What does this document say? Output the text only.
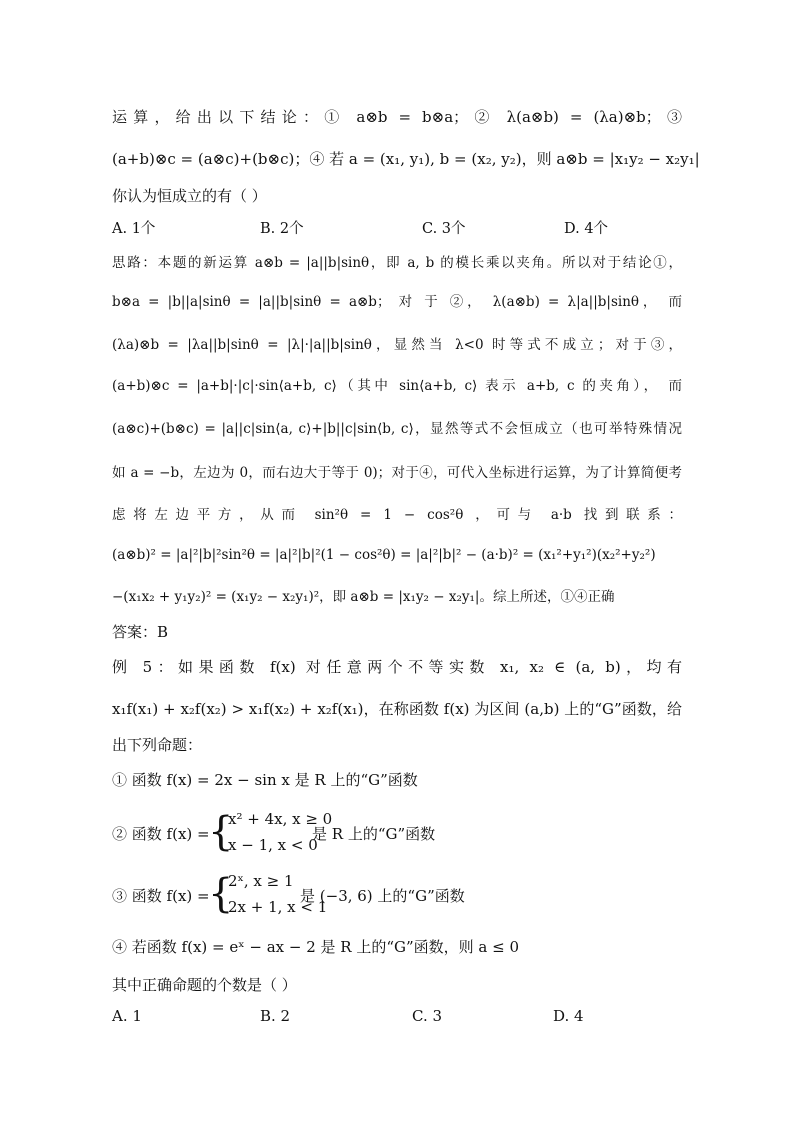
运算，给出以下结论：① a⊗b = b⊗a；② λ(a⊗b) = (λa)⊗b；③
(a+b)⊗c = (a⊗c)+(b⊗c)；④ 若 a = (x₁, y₁), b = (x₂, y₂)，则 a⊗b = |x₁y₂ − x₂y₁|
你认为恒成立的有（ ）
A. 1个	B. 2个	C. 3个	D. 4个
思路：本题的新运算 a⊗b = |a||b|sinθ，即 a, b 的模长乘以夹角。所以对于结论①，
b⊗a = |b||a|sinθ = |a||b|sinθ = a⊗b； 对 于 ②， λ(a⊗b) = λ|a||b|sinθ， 而
(λa)⊗b = |λa||b|sinθ = |λ|·|a||b|sinθ，显然当 λ<0 时等式不成立；对于③，
(a+b)⊗c = |a+b|·|c|·sin⟨a+b, c⟩（其中 sin⟨a+b, c⟩ 表示 a+b, c 的夹角）， 而
(a⊗c)+(b⊗c) = |a||c|sin⟨a, c⟩+|b||c|sin⟨b, c⟩，显然等式不会恒成立（也可举特殊情况
如 a = −b，左边为 0，而右边大于等于 0)；对于④，可代入坐标进行运算，为了计算简便考
虑将左边平方，从而 sin²θ = 1 − cos²θ ，可与 a·b 找到联系：
(a⊗b)² = |a|²|b|²sin²θ = |a|²|b|²(1 − cos²θ) = |a|²|b|² − (a·b)² = (x₁²+y₁²)(x₂²+y₂²)
−(x₁x₂ + y₁y₂)² = (x₁y₂ − x₂y₁)²，即 a⊗b = |x₁y₂ − x₂y₁|。综上所述，①④正确
答案：B
例 5：如果函数 f(x) 对任意两个不等实数 x₁, x₂ ∈ (a, b)，均有
x₁f(x₁) + x₂f(x₂) > x₁f(x₂) + x₂f(x₁)，在称函数 f(x) 为区间 (a,b) 上的“G”函数，给
出下列命题：
① 函数 f(x) = 2x − sin x 是 R 上的“G”函数
② 函数 f(x) =
{
x² + 4x, x ≥ 0
x − 1, x < 0
是 R 上的“G”函数
③ 函数 f(x) =
{
2ˣ, x ≥ 1
2x + 1, x < 1
是 (−3, 6) 上的“G”函数
④ 若函数 f(x) = eˣ − ax − 2 是 R 上的“G”函数，则 a ≤ 0
其中正确命题的个数是（ ）
A. 1	B. 2	C. 3	D. 4
